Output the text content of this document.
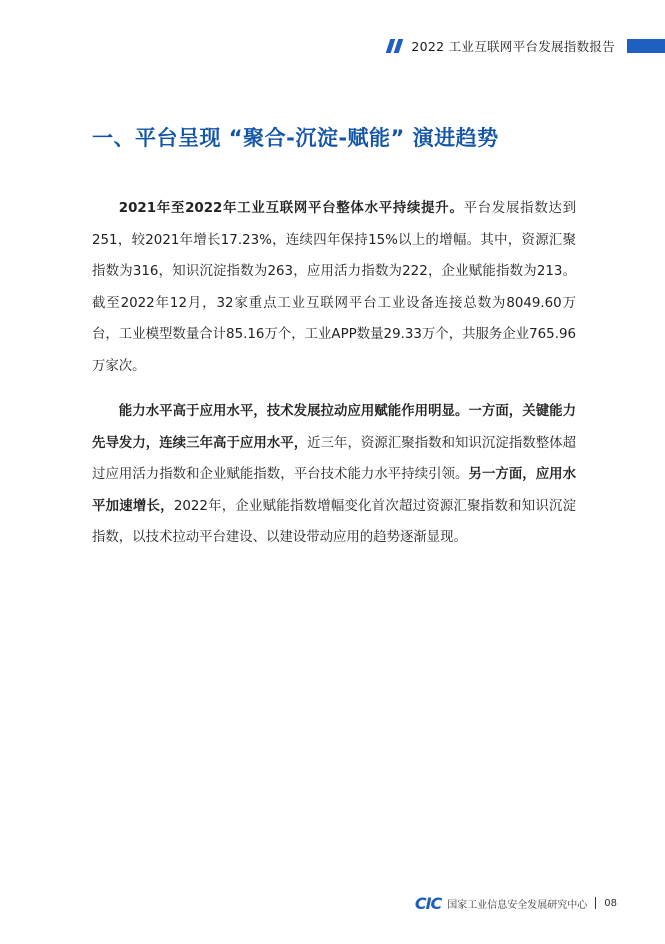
2022 工业互联网平台发展指数报告
一、平台呈现 “聚合-沉淀-赋能” 演进趋势

2021年至2022年工业互联网平台整体水平持续提升。平台发展指数达到251，较2021年增长17.23%，连续四年保持15%以上的增幅。其中，资源汇聚指数为316，知识沉淀指数为263，应用活力指数为222，企业赋能指数为213。截至2022年12月，32家重点工业互联网平台工业设备连接总数为8049.60万台，工业模型数量合计85.16万个，工业APP数量29.33万个，共服务企业765.96万家次。

能力水平高于应用水平，技术发展拉动应用赋能作用明显。一方面，关键能力先导发力，连续三年高于应用水平，近三年，资源汇聚指数和知识沉淀指数整体超过应用活力指数和企业赋能指数，平台技术能力水平持续引领。另一方面，应用水平加速增长，2022年，企业赋能指数增幅变化首次超过资源汇聚指数和知识沉淀指数，以技术拉动平台建设、以建设带动应用的趋势逐渐显现。

CIC 国家工业信息安全发展研究中心 08
